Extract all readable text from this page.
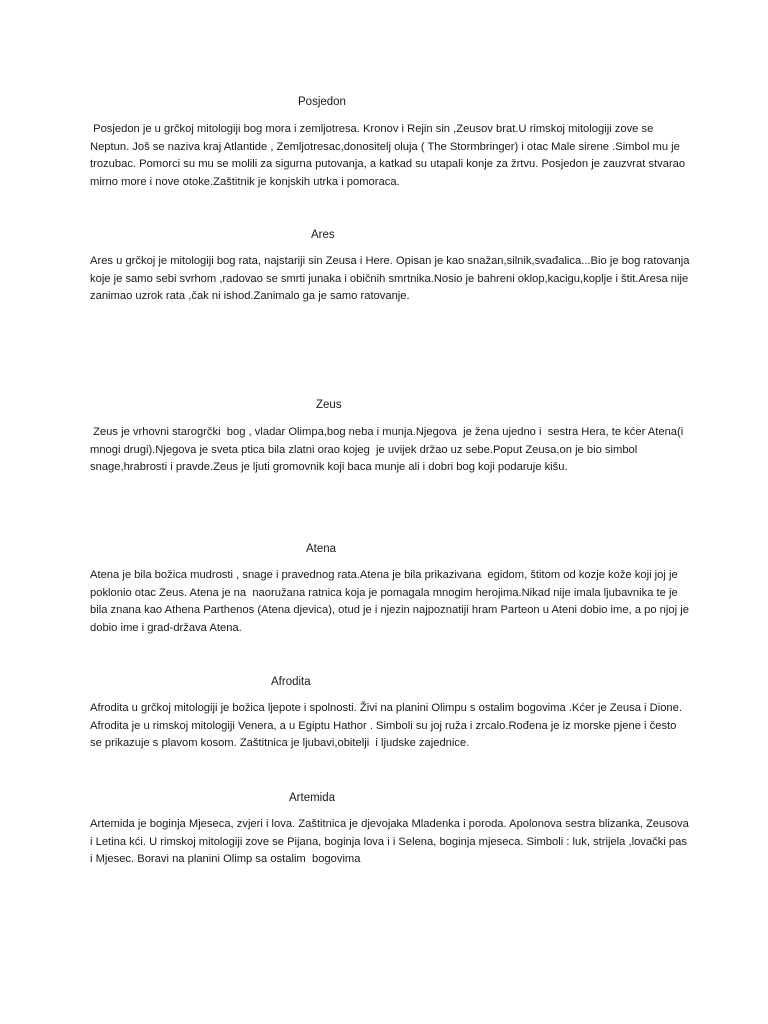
Posjedon
Posjedon je u grčkoj mitologiji bog mora i zemljotresa. Kronov i Rejin sin ,Zeusov brat.U rimskoj mitologiji zove se Neptun. Još se naziva kraj Atlantide , Zemljotresac,donositelj oluja ( The Stormbringer) i otac Male sirene .Simbol mu je trozubac. Pomorci su mu se molili za sigurna putovanja, a katkad su utapali konje za žrtvu. Posjedon je zauzvrat stvarao mirno more i nove otoke.Zaštitnik je konjskih utrka i pomoraca.
Ares
Ares u grčkoj je mitologiji bog rata, najstariji sin Zeusa i Here. Opisan je kao snažan,silnik,svađalica...Bio je bog ratovanja koje je samo sebi svrhom ,radovao se smrti junaka i običnih smrtnika.Nosio je bahreni oklop,kacigu,koplje i štit.Aresa nije zanimao uzrok rata ,čak ni ishod.Zanimalo ga je samo ratovanje.
Zeus
Zeus je vrhovni starogrčki  bog , vladar Olimpa,bog neba i munja.Njegova  je žena ujedno i  sestra Hera, te kćer Atena(i mnogi drugi).Njegova je sveta ptica bila zlatni orao kojeg  je uvijek držao uz sebe.Poput Zeusa,on je bio simbol snage,hrabrosti i pravde.Zeus je ljuti gromovnik koji baca munje ali i dobri bog koji podaruje kišu.
Atena
Atena je bila božica mudrosti , snage i pravednog rata.Atena je bila prikazivana  egidom, štitom od kozje kože koji joj je poklonio otac Zeus. Atena je na  naoružana ratnica koja je pomagala mnogim herojima.Nikad nije imala ljubavnika te je bila znana kao Athena Parthenos (Atena djevica), otud je i njezin najpoznatiji hram Parteon u Ateni dobio ime, a po njoj je dobio ime i grad-država Atena.
Afrodita
Afrodita u grčkoj mitologiji je božica ljepote i spolnosti. Živi na planini Olimpu s ostalim bogovima .Kćer je Zeusa i Dione. Afrodita je u rimskoj mitologiji Venera, a u Egiptu Hathor . Simboli su joj ruža i zrcalo.Rođena je iz morske pjene i često se prikazuje s plavom kosom. Zaštitnica je ljubavi,obitelji  i ljudske zajednice.
Artemida
Artemida je boginja Mjeseca, zvjeri i lova. Zaštitnica je djevojaka Mladenka i poroda. Apolonova sestra blizanka, Zeusova i Letina kći. U rimskoj mitologiji zove se Pijana, boginja lova i i Selena, boginja mjeseca. Simboli : luk, strijela ,lovački pas i Mjesec. Boravi na planini Olimp sa ostalim  bogovima
